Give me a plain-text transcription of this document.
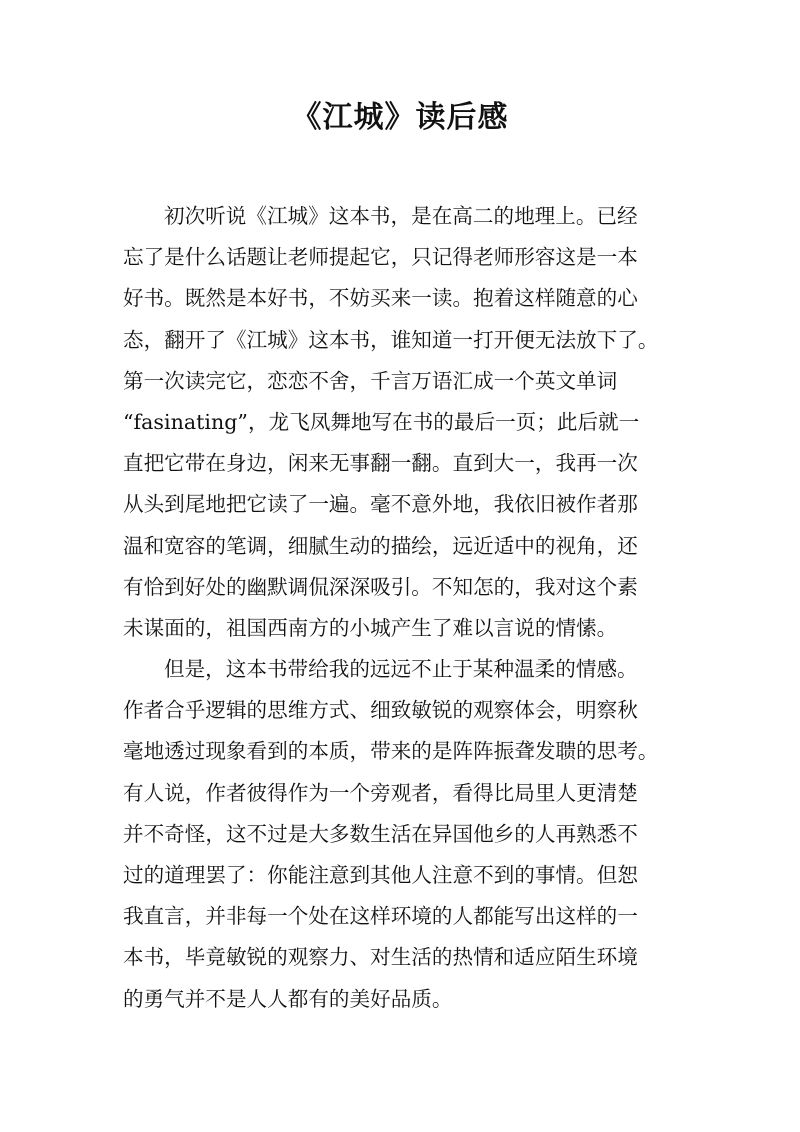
《江城》读后感
初次听说《江城》这本书，是在高二的地理上。已经
忘了是什么话题让老师提起它，只记得老师形容这是一本
好书。既然是本好书，不妨买来一读。抱着这样随意的心
态，翻开了《江城》这本书，谁知道一打开便无法放下了。
第一次读完它，恋恋不舍，千言万语汇成一个英文单词
“fasinating”，龙飞凤舞地写在书的最后一页；此后就一
直把它带在身边，闲来无事翻一翻。直到大一，我再一次
从头到尾地把它读了一遍。毫不意外地，我依旧被作者那
温和宽容的笔调，细腻生动的描绘，远近适中的视角，还
有恰到好处的幽默调侃深深吸引。不知怎的，我对这个素
未谋面的，祖国西南方的小城产生了难以言说的情愫。
但是，这本书带给我的远远不止于某种温柔的情感。
作者合乎逻辑的思维方式、细致敏锐的观察体会，明察秋
毫地透过现象看到的本质，带来的是阵阵振聋发聩的思考。
有人说，作者彼得作为一个旁观者，看得比局里人更清楚
并不奇怪，这不过是大多数生活在异国他乡的人再熟悉不
过的道理罢了：你能注意到其他人注意不到的事情。但恕
我直言，并非每一个处在这样环境的人都能写出这样的一
本书，毕竟敏锐的观察力、对生活的热情和适应陌生环境
的勇气并不是人人都有的美好品质。
